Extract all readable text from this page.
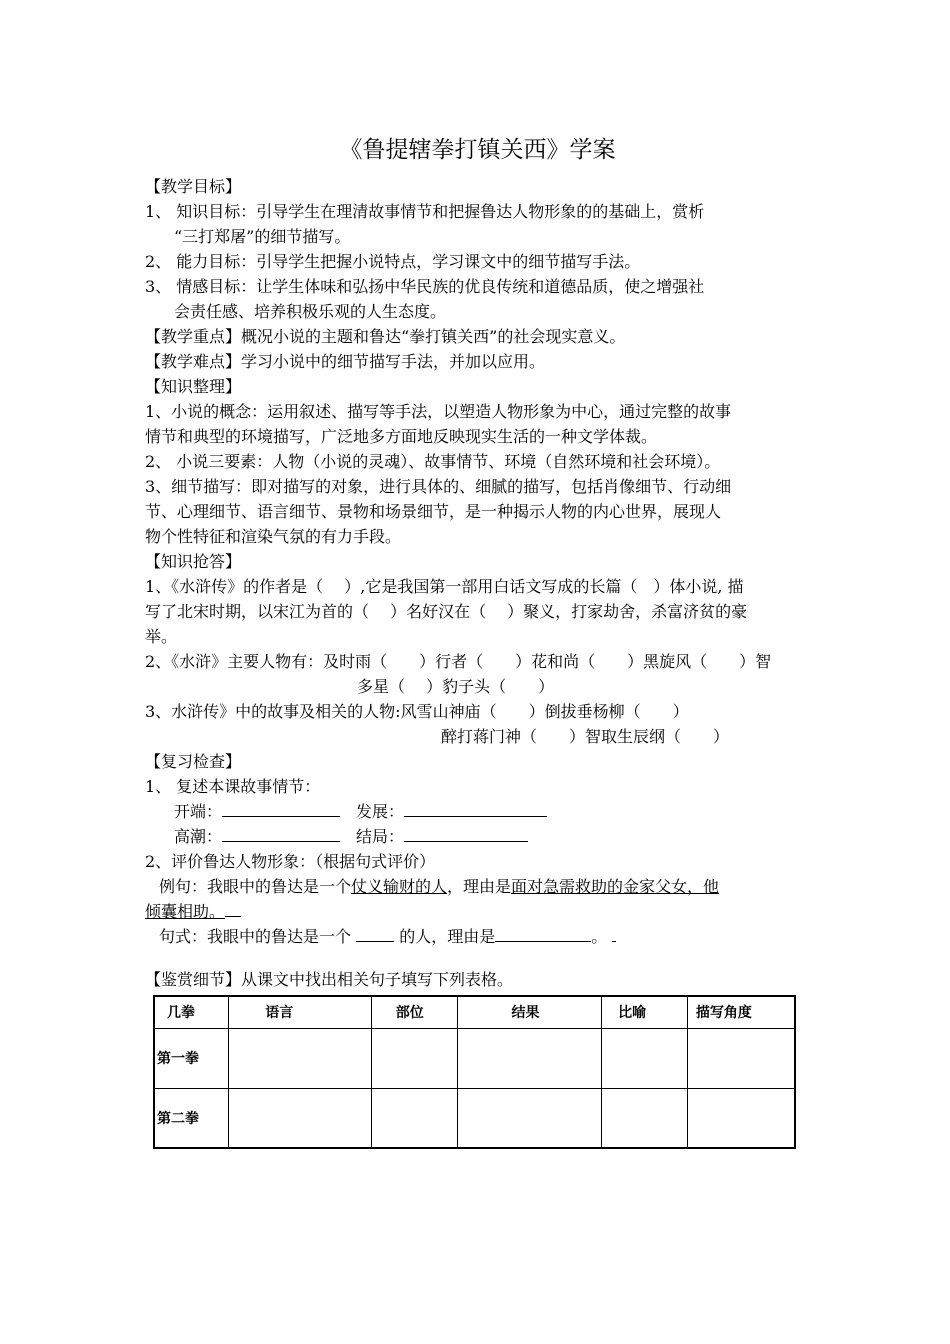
《鲁提辖拳打镇关西》学案
【教学目标】
1、 知识目标：引导学生在理清故事情节和把握鲁达人物形象的的基础上，赏析
“三打郑屠”的细节描写。
2、 能力目标：引导学生把握小说特点，学习课文中的细节描写手法。
3、 情感目标：让学生体味和弘扬中华民族的优良传统和道德品质，使之增强社
会责任感、培养积极乐观的人生态度。
【教学重点】概况小说的主题和鲁达“拳打镇关西”的社会现实意义。
【教学难点】学习小说中的细节描写手法，并加以应用。
【知识整理】
1、小说的概念：运用叙述、描写等手法，以塑造人物形象为中心，通过完整的故事
情节和典型的环境描写，广泛地多方面地反映现实生活的一种文学体裁。
2、 小说三要素：人物（小说的灵魂）、故事情节、环境（自然环境和社会环境）。
3、细节描写：即对描写的对象，进行具体的、细腻的描写，包括肖像细节、行动细
节、心理细节、语言细节、景物和场景细节，是一种揭示人物的内心世界，展现人
物个性特征和渲染气氛的有力手段。
【知识抢答】
1、《水浒传》的作者是（　 ）,它是我国第一部用白话文写成的长篇（　）体小说, 描
写了北宋时期，以宋江为首的（　 ）名好汉在（　 ）聚义，打家劫舍，杀富济贫的豪
举。
2、《水浒》主要人物有：及时雨（　　）行者（　　）花和尚（　　）黑旋风（　　）智
多星（　 ）豹子头（　　）
3、水浒传》中的故事及相关的人物:风雪山神庙（　　）倒拔垂杨柳（　　）
醉打蒋门神（　　）智取生辰纲（　　）
【复习检查】
1、 复述本课故事情节：
开端：	发展：
高潮：	结局：
2、评价鲁达人物形象：（根据句式评价）
例句：我眼中的鲁达是一个仗义输财的人，理由是面对急需救助的金家父女，他
倾囊相助。
句式：我眼中的鲁达是一个	的人，理由是	。
【鉴赏细节】从课文中找出相关句子填写下列表格。
几拳	语言	部位	结果	比喻	描写角度
第一拳					
第二拳					
